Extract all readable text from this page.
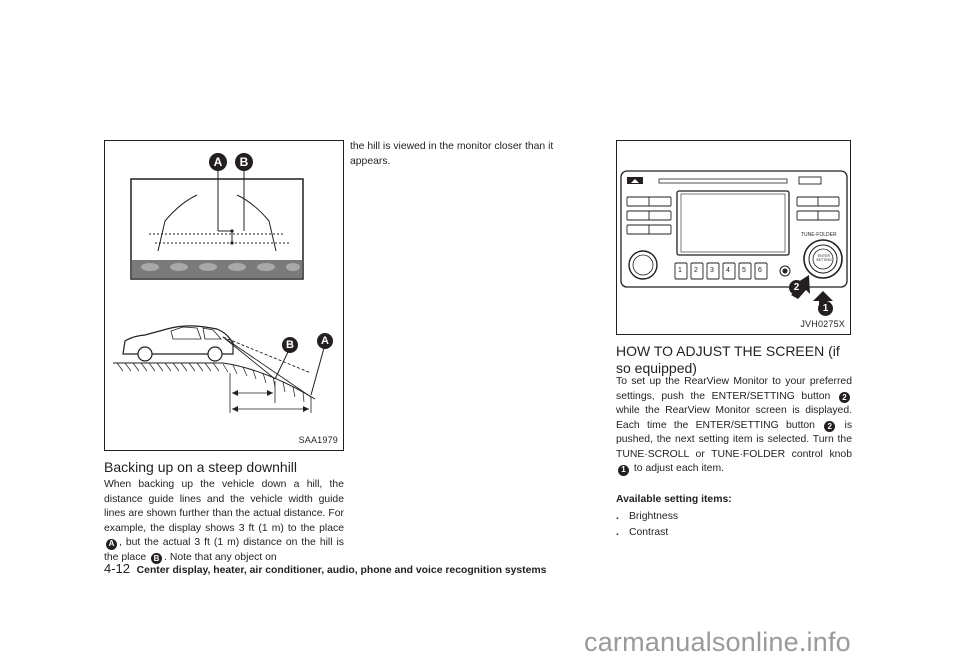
A	B
B	A
SAA1979
Backing up on a steep downhill

When backing up the vehicle down a hill, the distance guide lines and the vehicle width guide lines are shown further than the actual distance. For example, the display shows 3 ft (1 m) to the place A , but the actual 3 ft (1 m) distance on the hill is the place B . Note that any object on

the hill is viewed in the monitor closer than it appears.

TUNE·FOLDER
ENTER SETTING
1 2 3 4 5 6
1
2
JVH0275X
HOW TO ADJUST THE SCREEN (if so equipped)

To set up the RearView Monitor to your preferred settings, push the ENTER/SETTING button 2 while the RearView Monitor screen is displayed. Each time the ENTER/SETTING button 2 is pushed, the next setting item is selected. Turn the TUNE·SCROLL or TUNE·FOLDER control knob 1 to adjust each item.

Available setting items:

. Brightness
. Contrast
4-12 Center display, heater, air conditioner, audio, phone and voice recognition systems
carmanualsonline.info
